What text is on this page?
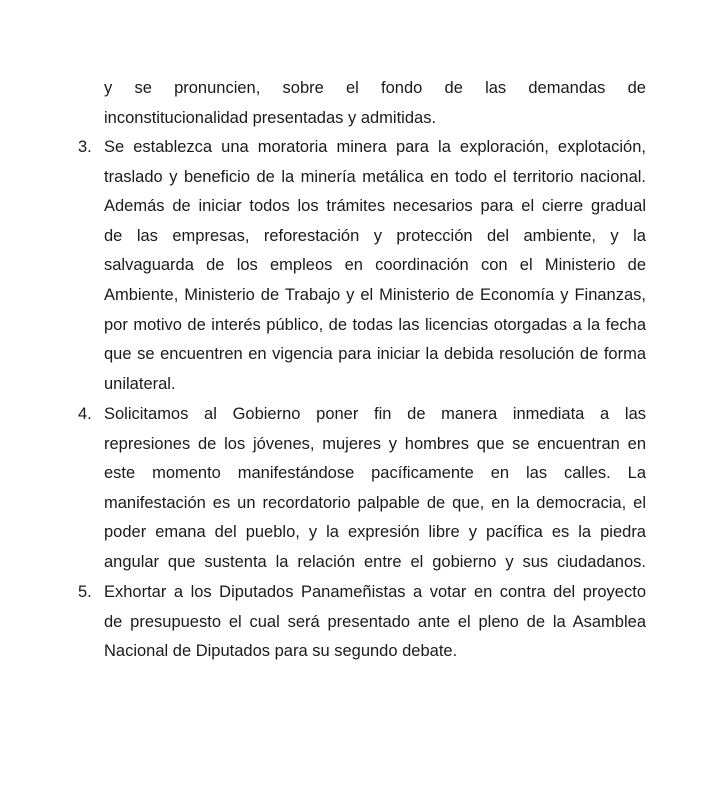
y se pronuncien, sobre el fondo de las demandas de
inconstitucionalidad presentadas y admitidas.
3. Se establezca una moratoria minera para la exploración, explotación,
traslado y beneficio de la minería metálica en todo el territorio nacional.
Además de iniciar todos los trámites necesarios para el cierre gradual
de las empresas, reforestación y protección del ambiente, y la
salvaguarda de los empleos en coordinación con el Ministerio de
Ambiente, Ministerio de Trabajo y el Ministerio de Economía y Finanzas,
por motivo de interés público, de todas las licencias otorgadas a la fecha
que se encuentren en vigencia para iniciar la debida resolución de forma
unilateral.
4. Solicitamos al Gobierno poner fin de manera inmediata a las
represiones de los jóvenes, mujeres y hombres que se encuentran en
este momento manifestándose pacíficamente en las calles. La
manifestación es un recordatorio palpable de que, en la democracia, el
poder emana del pueblo, y la expresión libre y pacífica es la piedra
angular que sustenta la relación entre el gobierno y sus ciudadanos.
5. Exhortar a los Diputados Panameñistas a votar en contra del proyecto
de presupuesto el cual será presentado ante el pleno de la Asamblea
Nacional de Diputados para su segundo debate.
